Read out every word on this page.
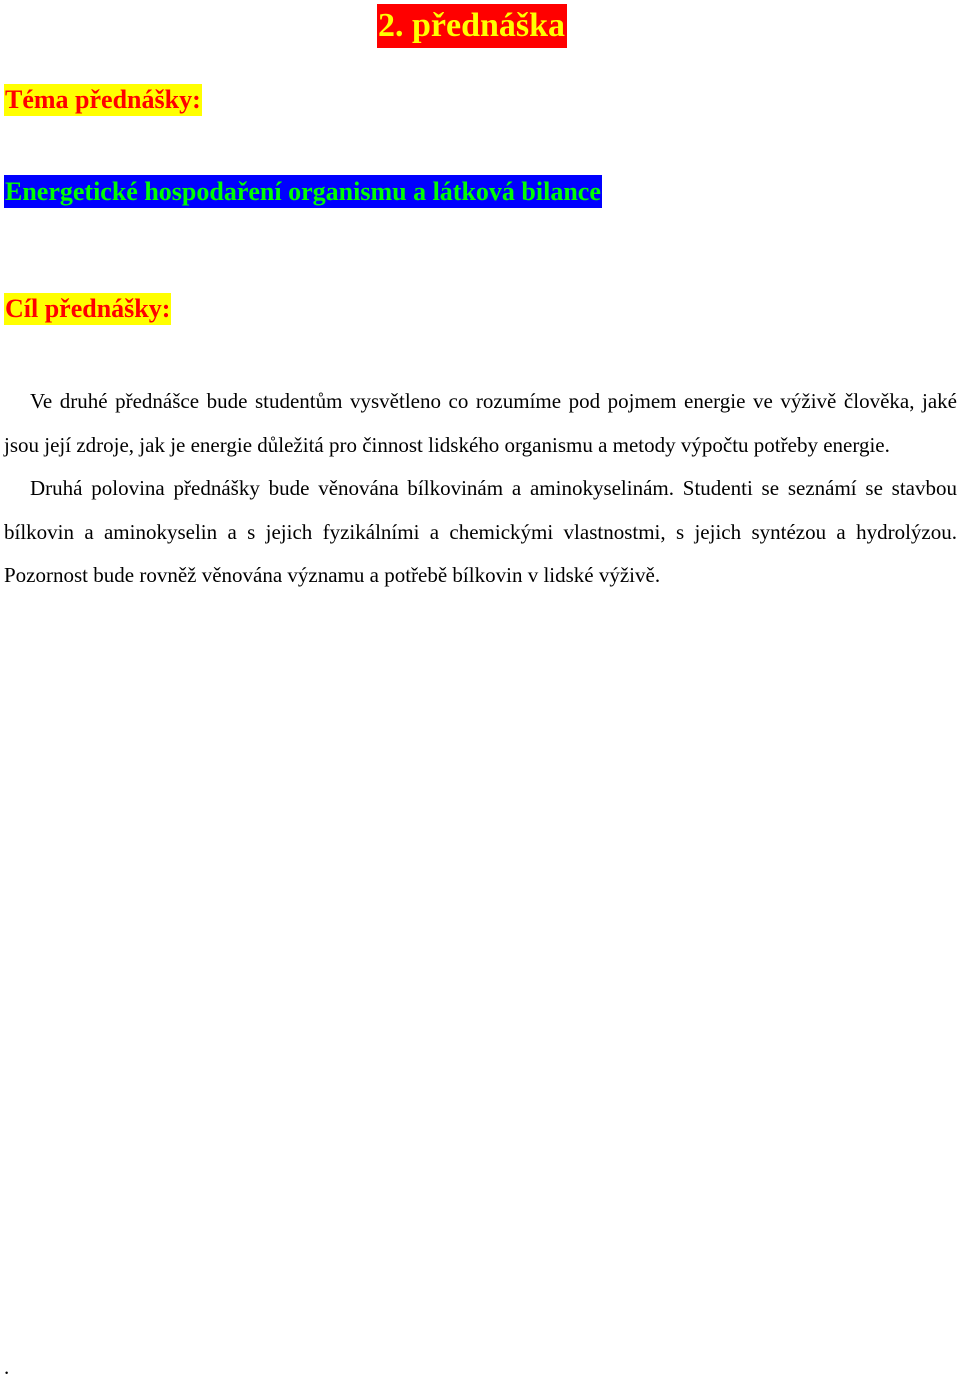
2. přednáška
Téma přednášky:
Energetické hospodaření organismu a látková bilance
Cíl přednášky:

Ve druhé přednášce bude studentům vysvětleno co rozumíme pod pojmem energie ve výživě člověka, jaké jsou její zdroje, jak je energie důležitá pro činnost lidského organismu a metody výpočtu potřeby energie.

Druhá polovina přednášky bude věnována bílkovinám a aminokyselinám. Studenti se seznámí se stavbou bílkovin a aminokyselin a s jejich fyzikálními a chemickými vlastnostmi, s jejich syntézou a hydrolýzou. Pozornost bude rovněž věnována významu a potřebě bílkovin v lidské výživě.

.
